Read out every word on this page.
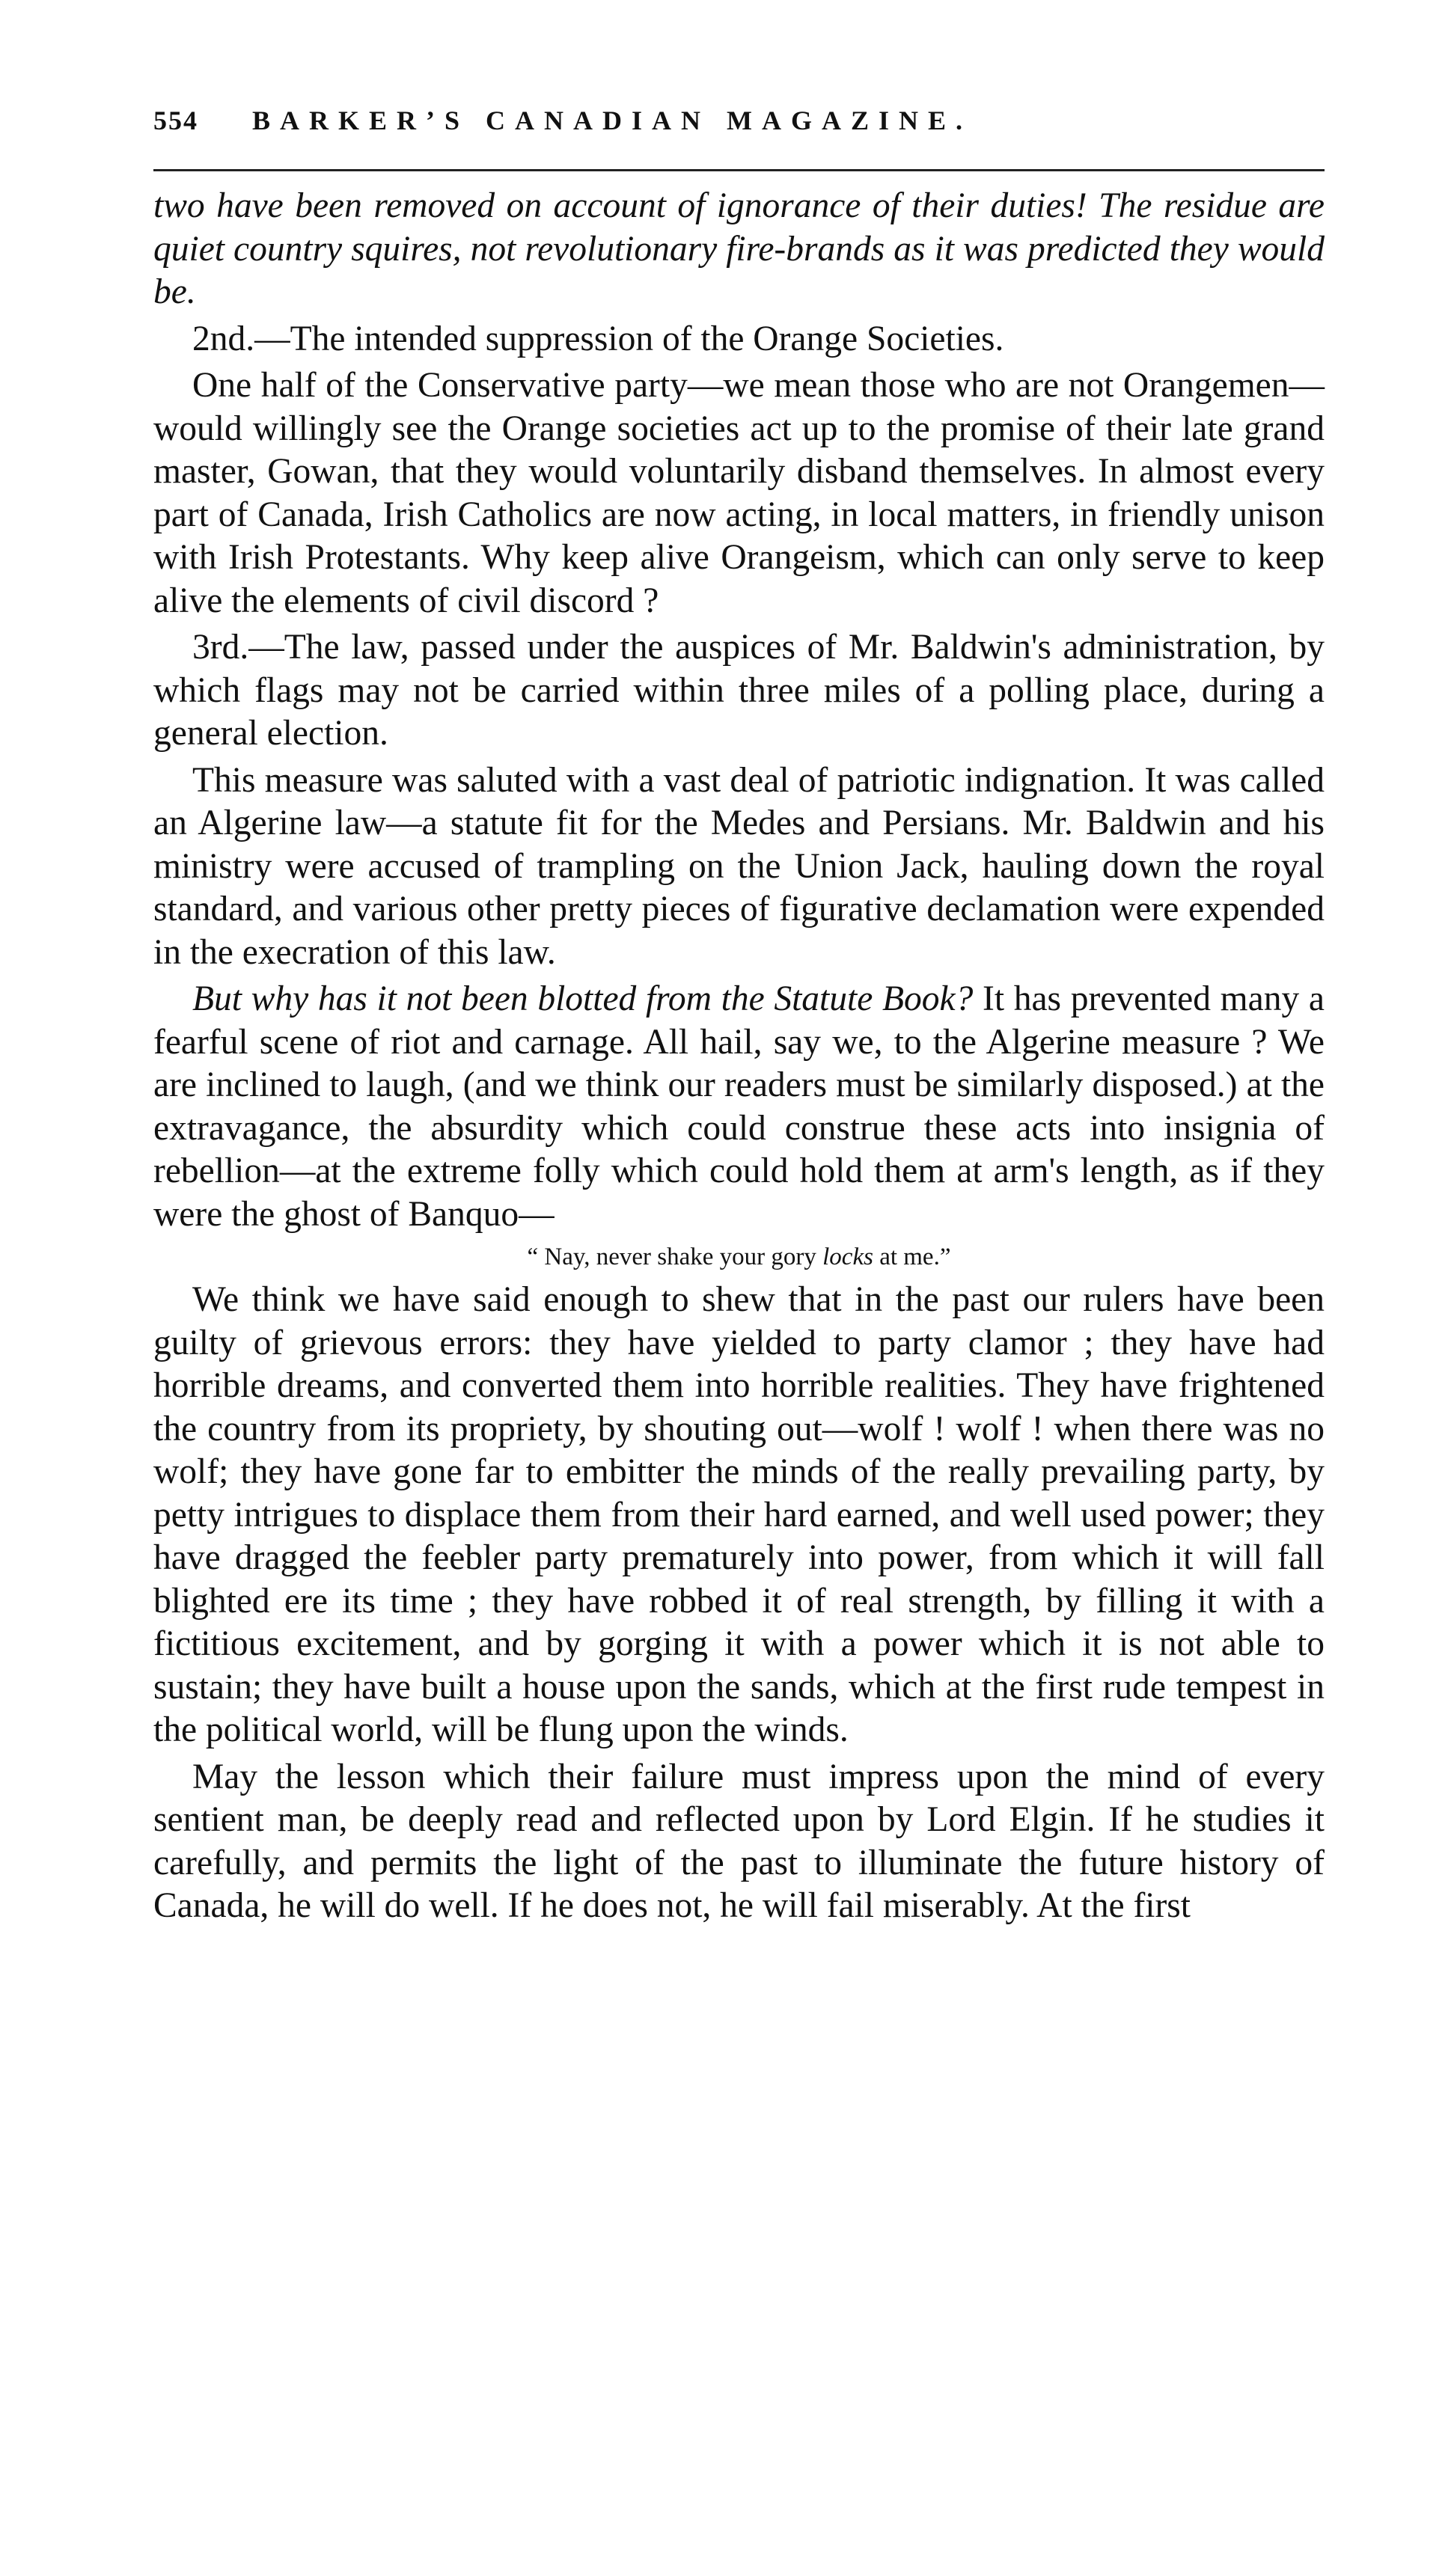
554 BARKER’S CANADIAN MAGAZINE.

two have been removed on account of ignorance of their duties! The residue are quiet country squires, not revolutionary fire-brands as it was predicted they would be.

2nd.—The intended suppression of the Orange Societies.

One half of the Conservative party—we mean those who are not Orangemen—would willingly see the Orange societies act up to the promise of their late grand master, Gowan, that they would voluntarily disband themselves. In almost every part of Canada, Irish Catholics are now acting, in local matters, in friendly unison with Irish Protestants. Why keep alive Orangeism, which can only serve to keep alive the elements of civil discord ?

3rd.—The law, passed under the auspices of Mr. Baldwin's administration, by which flags may not be carried within three miles of a polling place, during a general election.

This measure was saluted with a vast deal of patriotic indignation. It was called an Algerine law—a statute fit for the Medes and Persians. Mr. Baldwin and his ministry were accused of trampling on the Union Jack, hauling down the royal standard, and various other pretty pieces of figurative declamation were expended in the execration of this law.

But why has it not been blotted from the Statute Book? It has prevented many a fearful scene of riot and carnage. All hail, say we, to the Algerine measure ? We are inclined to laugh, (and we think our readers must be similarly disposed.) at the extravagance, the absurdity which could construe these acts into insignia of rebellion—at the extreme folly which could hold them at arm's length, as if they were the ghost of Banquo—

“ Nay, never shake your gory locks at me.”

We think we have said enough to shew that in the past our rulers have been guilty of grievous errors: they have yielded to party clamor ; they have had horrible dreams, and converted them into horrible realities. They have frightened the country from its propriety, by shouting out—wolf ! wolf ! when there was no wolf; they have gone far to embitter the minds of the really prevailing party, by petty intrigues to displace them from their hard earned, and well used power; they have dragged the feebler party prematurely into power, from which it will fall blighted ere its time ; they have robbed it of real strength, by filling it with a fictitious excitement, and by gorging it with a power which it is not able to sustain; they have built a house upon the sands, which at the first rude tempest in the political world, will be flung upon the winds.

May the lesson which their failure must impress upon the mind of every sentient man, be deeply read and reflected upon by Lord Elgin. If he studies it carefully, and permits the light of the past to illuminate the future history of Canada, he will do well. If he does not, he will fail miserably. At the first
